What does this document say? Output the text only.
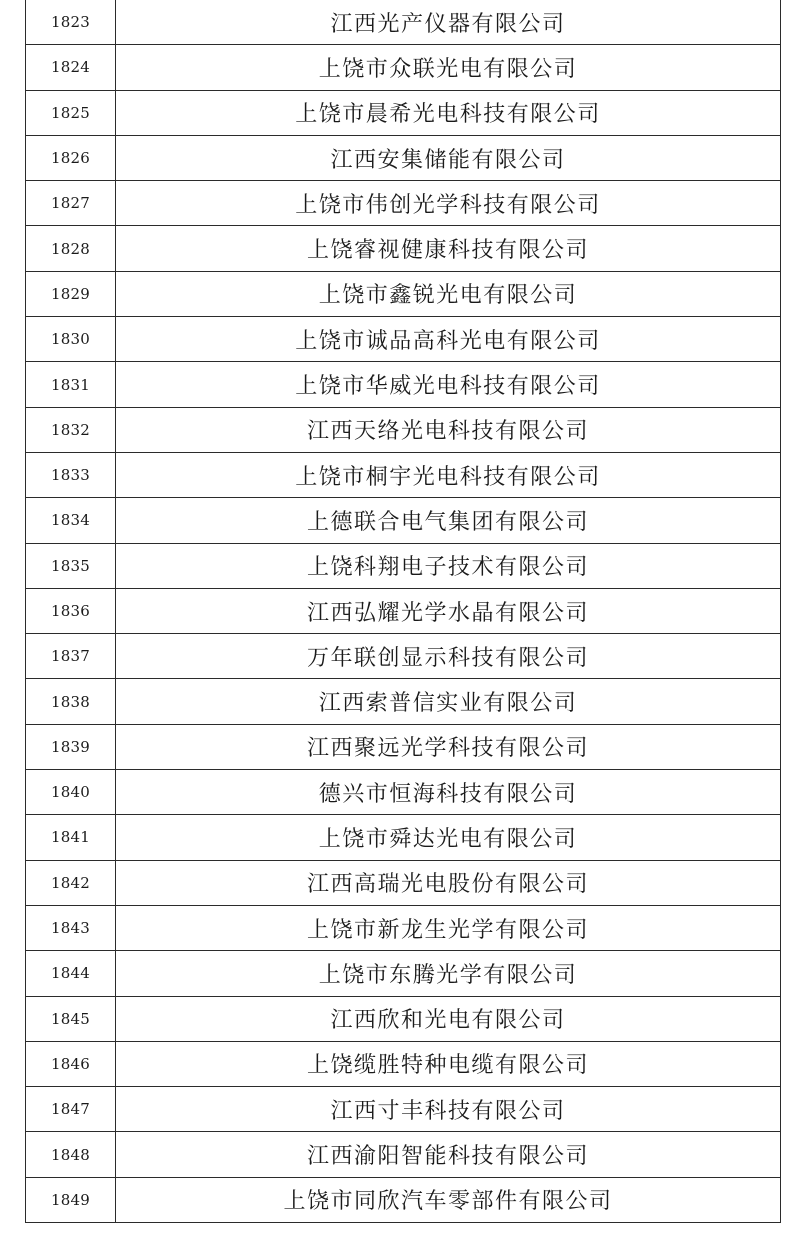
1823	江西光产仪器有限公司
1824	上饶市众联光电有限公司
1825	上饶市晨希光电科技有限公司
1826	江西安集储能有限公司
1827	上饶市伟创光学科技有限公司
1828	上饶睿视健康科技有限公司
1829	上饶市鑫锐光电有限公司
1830	上饶市诚品高科光电有限公司
1831	上饶市华威光电科技有限公司
1832	江西天络光电科技有限公司
1833	上饶市桐宇光电科技有限公司
1834	上德联合电气集团有限公司
1835	上饶科翔电子技术有限公司
1836	江西弘耀光学水晶有限公司
1837	万年联创显示科技有限公司
1838	江西索普信实业有限公司
1839	江西聚远光学科技有限公司
1840	德兴市恒海科技有限公司
1841	上饶市舜达光电有限公司
1842	江西高瑞光电股份有限公司
1843	上饶市新龙生光学有限公司
1844	上饶市东腾光学有限公司
1845	江西欣和光电有限公司
1846	上饶缆胜特种电缆有限公司
1847	江西寸丰科技有限公司
1848	江西渝阳智能科技有限公司
1849	上饶市同欣汽车零部件有限公司
